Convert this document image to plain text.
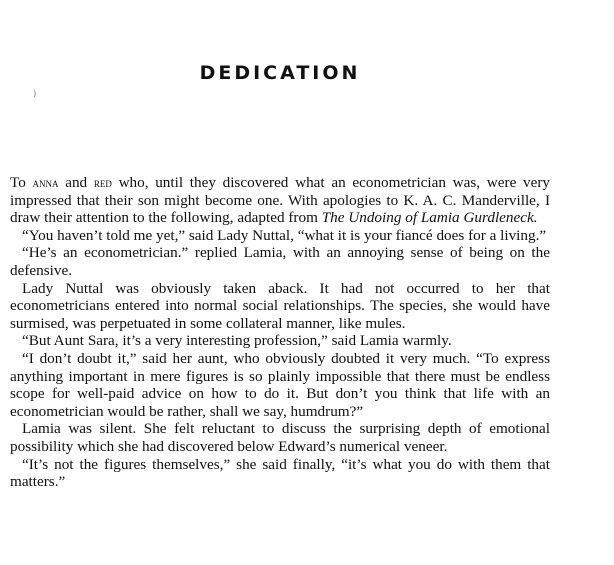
)
DEDICATION

To anna and red who, until they discovered what an econometrician was, were very impressed that their son might become one. With apologies to K. A. C. Manderville, I draw their attention to the following, adapted from The Undoing of Lamia Gurdleneck.

“You haven’t told me yet,” said Lady Nuttal, “what it is your fiancé does for a living.”

“He’s an econometrician.” replied Lamia, with an annoying sense of being on the defensive.

Lady Nuttal was obviously taken aback. It had not occurred to her that econometricians entered into normal social relationships. The species, she would have surmised, was perpetuated in some collateral manner, like mules.

“But Aunt Sara, it’s a very interesting profession,” said Lamia warmly.

“I don’t doubt it,” said her aunt, who obviously doubted it very much. “To express anything important in mere figures is so plainly impossible that there must be endless scope for well-paid advice on how to do it. But don’t you think that life with an econometrician would be rather, shall we say, humdrum?”

Lamia was silent. She felt reluctant to discuss the surprising depth of emotional possibility which she had discovered below Edward’s numerical veneer.

“It’s not the figures themselves,” she said finally, “it’s what you do with them that matters.”
